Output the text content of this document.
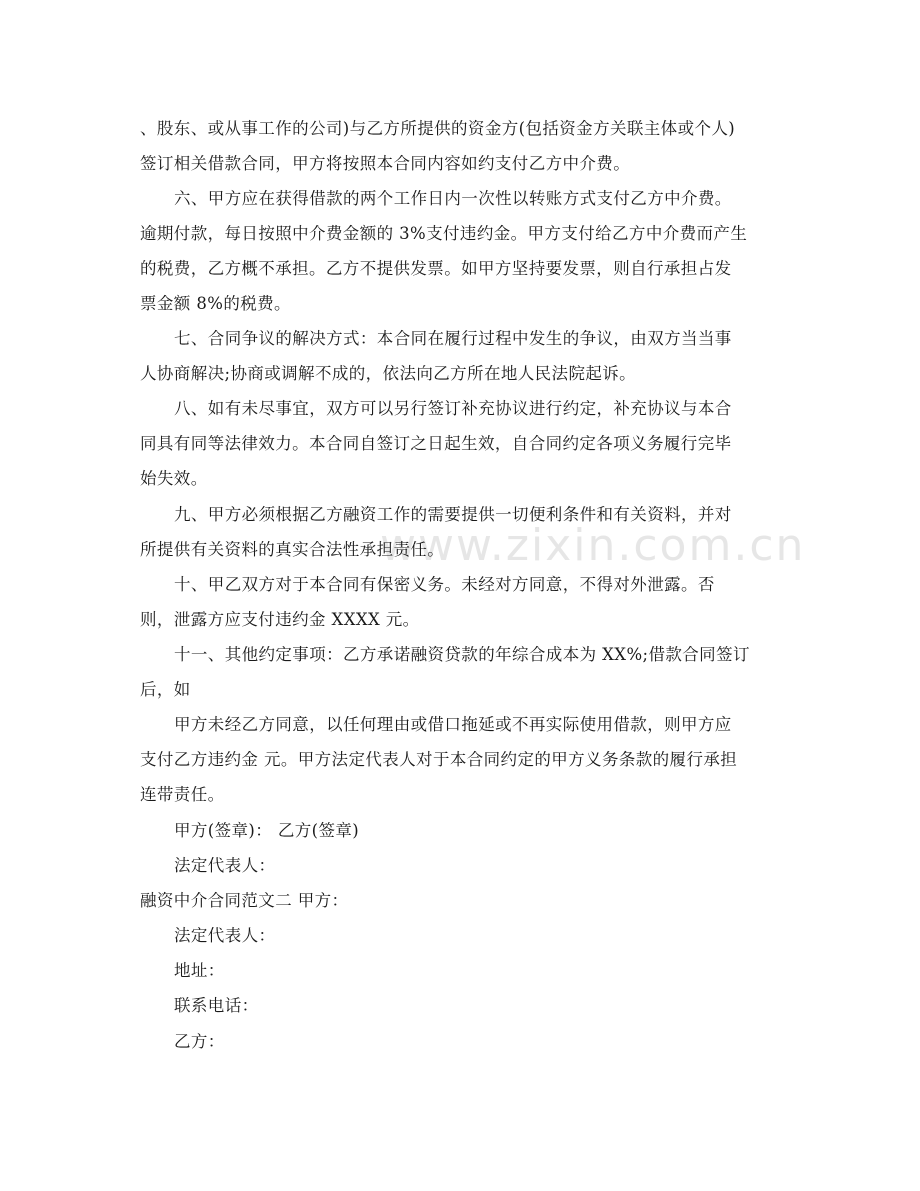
www.zixin.com.cn
、股东、或从事工作的公司)与乙方所提供的资金方(包括资金方关联主体或个人)
签订相关借款合同，甲方将按照本合同内容如约支付乙方中介费。
六、甲方应在获得借款的两个工作日内一次性以转账方式支付乙方中介费。
逾期付款，每日按照中介费金额的 3%支付违约金。甲方支付给乙方中介费而产生
的税费，乙方概不承担。乙方不提供发票。如甲方坚持要发票，则自行承担占发
票金额 8%的税费。
七、合同争议的解决方式：本合同在履行过程中发生的争议，由双方当当事
人协商解决;协商或调解不成的，依法向乙方所在地人民法院起诉。
八、如有未尽事宜，双方可以另行签订补充协议进行约定，补充协议与本合
同具有同等法律效力。本合同自签订之日起生效，自合同约定各项义务履行完毕
始失效。
九、甲方必须根据乙方融资工作的需要提供一切便利条件和有关资料，并对
所提供有关资料的真实合法性承担责任。
十、甲乙双方对于本合同有保密义务。未经对方同意，不得对外泄露。否
则，泄露方应支付违约金 XXXX 元。
十一、其他约定事项：乙方承诺融资贷款的年综合成本为 XX%;借款合同签订
后，如
甲方未经乙方同意，以任何理由或借口拖延或不再实际使用借款，则甲方应
支付乙方违约金 元。甲方法定代表人对于本合同约定的甲方义务条款的履行承担
连带责任。
甲方(签章)： 乙方(签章)
法定代表人：
融资中介合同范文二 甲方：
法定代表人：
地址：
联系电话：
乙方：
